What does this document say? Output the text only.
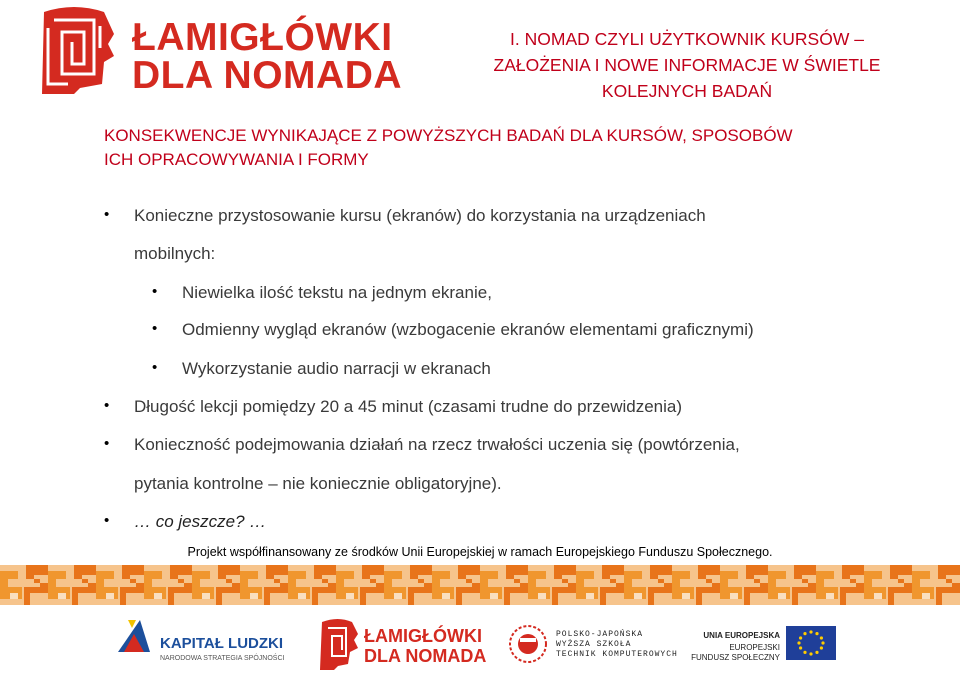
ŁAMIGŁÓWKI
DLA NOMADA
I. NOMAD CZYLI UŻYTKOWNIK KURSÓW –
ZAŁOŻENIA I NOWE INFORMACJE W ŚWIETLE
KOLEJNYCH BADAŃ
KONSEKWENCJE WYNIKAJĄCE Z POWYŻSZYCH BADAŃ DLA KURSÓW, SPOSOBÓW
ICH OPRACOWYWANIA I FORMY
• Konieczne przystosowanie kursu (ekranów) do korzystania na urządzeniach
mobilnych:
• Niewielka ilość tekstu na jednym ekranie,
• Odmienny wygląd ekranów (wzbogacenie ekranów elementami graficznymi)
• Wykorzystanie audio narracji w ekranach
• Długość lekcji pomiędzy 20 a 45 minut (czasami trudne do przewidzenia)
• Konieczność podejmowania działań na rzecz trwałości uczenia się (powtórzenia,
pytania kontrolne – nie koniecznie obligatoryjne).
• … co jeszcze? …
Projekt współfinansowany ze środków Unii Europejskiej w ramach Europejskiego Funduszu Społecznego.
KAPITAŁ LUDZKI
NARODOWA STRATEGIA SPÓJNOŚCI
ŁAMIGŁÓWKI
DLA NOMADA
POLSKO-JAPOŃSKA
WYŻSZA SZKOŁA
TECHNIK KOMPUTEROWYCH
UNIA EUROPEJSKA
EUROPEJSKI
FUNDUSZ SPOŁECZNY
